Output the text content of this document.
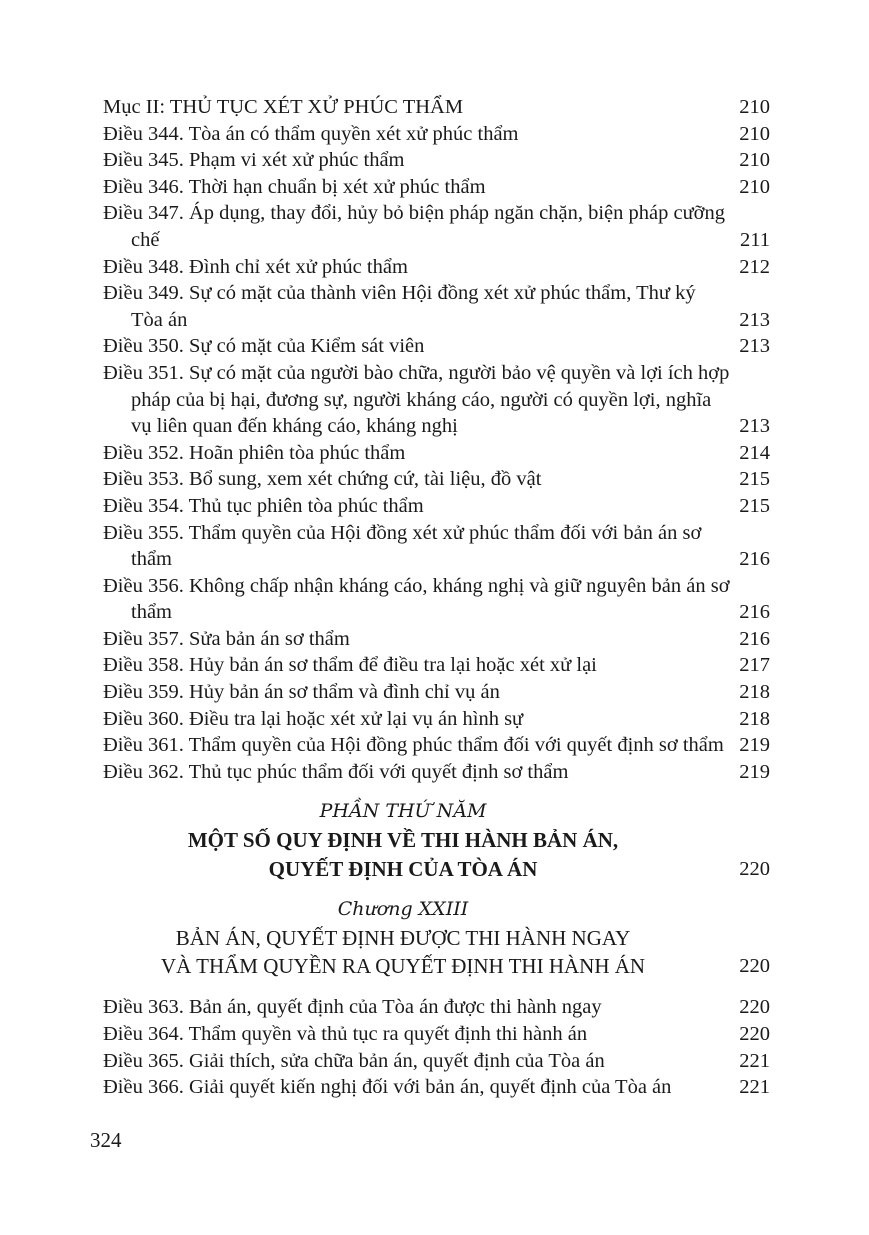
Mục II: THỦ TỤC XÉT XỬ PHÚC THẨM	210
Điều 344. Tòa án có thẩm quyền xét xử phúc thẩm	210
Điều 345. Phạm vi xét xử phúc thẩm	210
Điều 346. Thời hạn chuẩn bị xét xử phúc thẩm	210
Điều 347. Áp dụng, thay đổi, hủy bỏ biện pháp ngăn chặn, biện pháp cưỡng chế	211
Điều 348. Đình chỉ xét xử phúc thẩm	212
Điều 349. Sự có mặt của thành viên Hội đồng xét xử phúc thẩm, Thư ký Tòa án	213
Điều 350. Sự có mặt của Kiểm sát viên	213
Điều 351. Sự có mặt của người bào chữa, người bảo vệ quyền và lợi ích hợp pháp của bị hại, đương sự, người kháng cáo, người có quyền lợi, nghĩa vụ liên quan đến kháng cáo, kháng nghị	213
Điều 352. Hoãn phiên tòa phúc thẩm	214
Điều 353. Bổ sung, xem xét chứng cứ, tài liệu, đồ vật	215
Điều 354. Thủ tục phiên tòa phúc thẩm	215
Điều 355. Thẩm quyền của Hội đồng xét xử phúc thẩm đối với bản án sơ thẩm	216
Điều 356. Không chấp nhận kháng cáo, kháng nghị và giữ nguyên bản án sơ thẩm	216
Điều 357. Sửa bản án sơ thẩm	216
Điều 358. Hủy bản án sơ thẩm để điều tra lại hoặc xét xử lại	217
Điều 359. Hủy bản án sơ thẩm và đình chỉ vụ án	218
Điều 360. Điều tra lại hoặc xét xử lại vụ án hình sự	218
Điều 361. Thẩm quyền của Hội đồng phúc thẩm đối với quyết định sơ thẩm 219
Điều 362. Thủ tục phúc thẩm đối với quyết định sơ thẩm	219
PHẦN THỨ NĂM
MỘT SỐ QUY ĐỊNH VỀ THI HÀNH BẢN ÁN,
QUYẾT ĐỊNH CỦA TÒA ÁN	220
Chương XXIII
BẢN ÁN, QUYẾT ĐỊNH ĐƯỢC THI HÀNH NGAY
VÀ THẨM QUYỀN RA QUYẾT ĐỊNH THI HÀNH ÁN	220
Điều 363. Bản án, quyết định của Tòa án được thi hành ngay	220
Điều 364. Thẩm quyền và thủ tục ra quyết định thi hành án	220
Điều 365. Giải thích, sửa chữa bản án, quyết định của Tòa án	221
Điều 366. Giải quyết kiến nghị đối với bản án, quyết định của Tòa án	221
324
